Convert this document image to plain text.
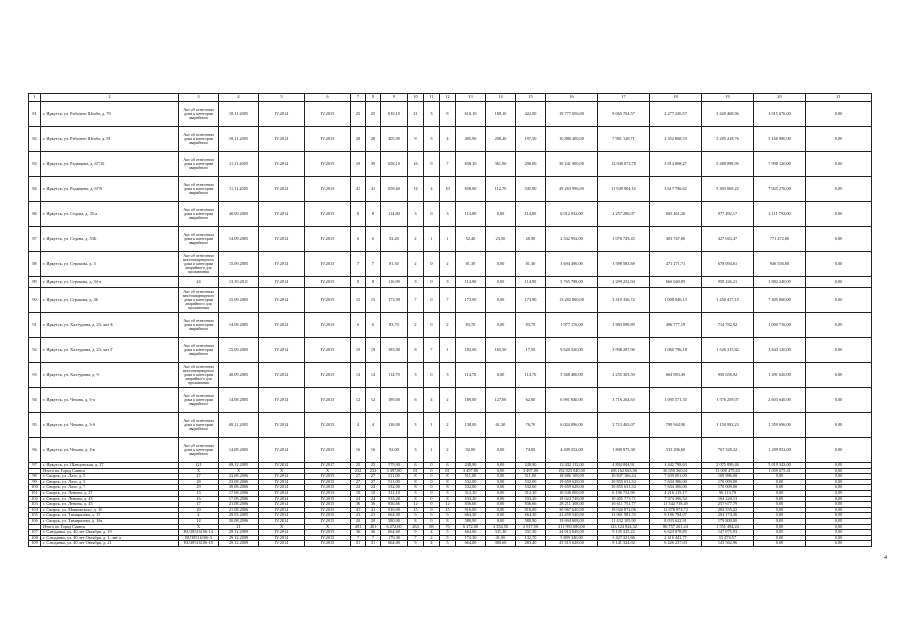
1	2	3	4	5	6	7	8	9	10	11	12	13	14	15	16	17	18	19	20	21
81	г. Иркутск, ул. Рабочего Штаба, д. 79	Акт об отнесении дома к категории аварийного	18.11.2005	IV.2014	IV.2015	25	25	610,10	21	5	8	610,10	188,10	422,00	19 777 056,00	8 065 704,57	2 277 226,57	3 420 468,96	3 915 676,00	0,00
82	г. Иркутск, ул. Рабочего Штаба, д. 81	Акт об отнесении дома к категории аварийного	18.11.2005	IV.2014	IV.2015	28	28	405,90	9	5	4	405,90	208,40	197,50	10 886 400,00	7 981 120,71	2 352 868,53	3 285 418,76	5 166 980,00	0,00
83	г. Иркутск, ул. Радищева, д. 67/10	Акт об отнесении дома к категории аварийного	11.11.2005	IV.2014	IV.2015	39	39	658,10	16	9	7	658,10	361,90	296,00	30 241 900,00	12 940 072,78	3 814 808,27	5 488 898,95	7 998 120,00	0,00
84	г. Иркутск, ул. Радищева, д. 67/9	Акт об отнесении дома к категории аварийного	11.11.2005	IV.2014	IV.2015	41	41	658,60	14	4	10	658,60	112,70	545,90	29 283 996,00	11 949 904,16	3 617 796,62	5 493 069,22	7 025 276,00	0,00
86	г. Иркутск, ул. Седова, д. 35-а	Акт об отнесении дома к категории аварийного	40.09.2005	IV.2014	IV.2015	8	8	114,80	3	0	3	114,80	0,00	114,80	6 012 032,00	2 257 286,07	665 461,26	977 492,17	2 111 792,00	0,00
87	г. Иркутск, ул. Седова, д. 53Б	Акт об отнесении дома к категории аварийного	14.09.2005	IV.2014	IV.2015	6	6	52,40	2	1	1	52,40	23,50	28,90	2 542 992,00	1 076 729,45	303 747,00	427 043,47	771 472,00	0,00
88	г. Иркутск, ул. Строкова, д. 3	Акт об отнесении многоквартирного дома к категории аварийного для проживания	15.09.2005	IV.2014	IV.2015	7	7	81,30	2	0	2	81,30	0,00	81,30	3 694 496,00	1 598 583,68	471 271,71	678 094,61	946 556,00	0,00
89	г. Иркутск, ул. Строкова, д. 34-а	24	13.10.2011	IV.2014	IV.2015	8	8	116,90	3	0	3	114,90	0,00	114,90	5 765 788,00	2 299 252,94	666 040,85	958 226,21	1 882 240,00	0,00
90	г. Иркутск, ул. Строкова, д. 36	Акт об отнесении многоквартирного дома к категории аварийного для проживания	15.09.2005	IV.2014	IV.2015	15	15	173,90	7	0	7	173,90	0,00	173,90	13 282 860,00	3 419 356,72	1 008 046,13	1 450 417,15	7 405 060,00	0,00
91	г. Иркутск, ул. Халтурина, д. 23, лит Б	Акт об отнесении дома к категории аварийного	14.09.2005	IV.2014	IV.2015	6	6	83,70	2	0	2	83,70	0,00	83,70	1 977 176,00	1 883 099,89	496 777,19	714 782,92	1 000 716,00	0,00
92	г. Иркутск, ул. Халтурина, д. 23, лит Г	Акт об отнесении дома к категории аварийного	15.09.2005	IV.2014	IV.2015	19	19	183,00	8	7	1	183,00	165,50	17,50	9 620 320,00	3 998 287,96	1 060 796,18	1 526 315,82	3 643 120,00	0,00
93	г. Иркутск, ул. Халтурина, д. 9	Акт об отнесении многоквартирного дома к категории аварийного для проживания	40.09.2005	IV.2014	IV.2015	14	14	114,70	3	0	3	114,70	0,00	114,70	5 368 480,00	2 255 303,59	664 883,49	956 658,92	1 491 620,00	0,00
94	г. Иркутск, ул. Чехова, д. 3-а	Акт об отнесении дома к категории аварийного	14.08.2005	IV.2014	IV.2015	12	12	189,00	6	4	2	189,00	127,00	62,00	6 991 840,00	3 716 264,63	1 095 571,35	1 576 259,07	2 603 640,00	0,00
95	г. Иркутск, ул. Чехова, д. 3-б	Акт об отнесении дома к категории аварийного	08.11.2005	IV.2014	IV.2015	4	4	138,00	3	1	2	138,00	61,30	76,70	6 024 096,00	2 713 465,07	799 944,90	1 150 992,23	1 359 696,00	0,00
96	г. Иркутск, ул. Чехова, д. 4-в	Акт об отнесении дома к категории аварийного	14.08.2005	IV.2014	IV.2015	16	16	92,00	3	1	2	92,00	0,00	74,00	4 409 552,00	1 808 975,38	533 296,60	767 328,22	1 299 952,00	0,00
97	г. Иркутск, ул. Шевцовская, д. 27	121	08.12.2005	IV.2014	IV.2017	25	25	579,90	6	0	6	248,90	0,00	248,90	13 432 112,00	4 894 004,91	1 442 798,63	2 075 890,46	5 019 343,00	0,00
	Итого по Город Саянск	X	X	X	X	232	232	3 497,80	81	0	81	3 497,80	0,00	3 497,80	192 023 040,00	108 162 063,96	36 050 560,61	13 008 479,43	1 059 675,41	0,00
98	г. Свирск, ул. Лазо, д. 5	27	23.08.2006	IV.2014	IV.2015	27	27	511,00	8	0	8	511,00	0,00	511,00	18 686 108,00	10 847 166,44	7 639 001,00	169 986,00	0,00	0,00
99	г. Свирск, ул. Лазо, д. 5	28	23.08.2006	IV.2014	IV.2015	27	27	511,00	8	0	8	532,00	0,00	532,00	19 659 628,00	10 855 631,52	7 634 386,00	170 009,00	0,00	0,00
100	г. Свирск, ул. Лазо, д. 7	29	30.08.2006	IV.2014	IV.2015	24	24	532,00	8	0	8	532,00	0,00	532,00	19 659 628,00	10 855 631,52	7 634 386,00	170 009,00	0,00	0,00
101	г. Свирск, ул. Ленина, д. 27	13	17.08.2006	IV.2014	IV.2015	10	10	312,10	5	0	5	312,10	0,00	312,10	10 546 000,00	6 196 752,96	4 216 115,17	96 113,78	0,00	0,00
102	г. Свирск, ул. Ленина, д. 43	16	17.08.2006	IV.2014	IV.2015	24	24	533,20	8	0	8	533,20	0,00	533,20	18 024 748,00	10 405 773,71	7 374 396,52	164 220,13	0,00	0,00
103	г. Свирск, ул. Ленина, д. 45	17	21.08.2006	IV.2014	IV.2015	36	36	836,66	12	0	12	836,66	0,00	836,66	28 211 308,00	16 611 751,77	11 342 718,49	257 677,79	0,00	0,00
104	г. Свирск, ул. Маяковского, д. 10	20	21.08.2006	IV.2014	IV.2015	41	41	916,00	15	0	15	916,00	0,00	916,00	30 967 640,00	18 026 872,06	12 678 074,72	282 335,22	0,00	0,00
105	г. Свирск, ул. Тимирязева, д. 15	4	29.03.2005	IV.2014	IV.2015	23	23	664,30	9	0	9	664,30	0,00	664,30	22 459 540,00	13 061 981,55	9 186 784,07	204 174,36	0,00	0,00
106	г. Свирск, ул. Тимирязева, д. 16а	14	30.08.2006	IV.2014	IV.2015	20	20	580,90	8	0	8	580,90	0,00	580,90	19 694 608,00	11 432 105,90	8 033 622,91	179 800,00	0,00	0,00
	Итого по Город Саянск	X	21	X	X	401	401	6 272,00	284	88	76	6 272,00	3 354,50	2 917,50	211 993 680,00	123 124 924,32	86 757 261,44	1 551 494,24	0,00	0,00
107	г. Слюдянка, ул. 40 лет Октября, д. 19	RU38516106-14	29.12.2009	IV.2014	IV.2015	36	36	664,60	9	4	5	664,60	331,30	331,30	24 013 048,00	9 135 325,22	6 623 078,85	147 075,93	0,00	0,00
108	г. Слюдянка, ул. 40 лет Октября, д. 1, лит а	RU38516106-3	29.12.2009	IV.2014	IV.2015	7	7	179,30	7	2	5	174,30	41,00	132,70	5 809 340,00	3 427 321,86	2 416 441,77	53 476,57	0,00	0,00
109	г. Слюдянка, ул. 40 лет Октября, д. 21	RU38516106-15	29.12.2009	IV.2014	IV.2015	31	31	664,00	9	4	5	664,00	380,60	283,40	25 513 628,00	9 141 324,02	6 426 237,03	143 562,96	0,00	0,00
4
